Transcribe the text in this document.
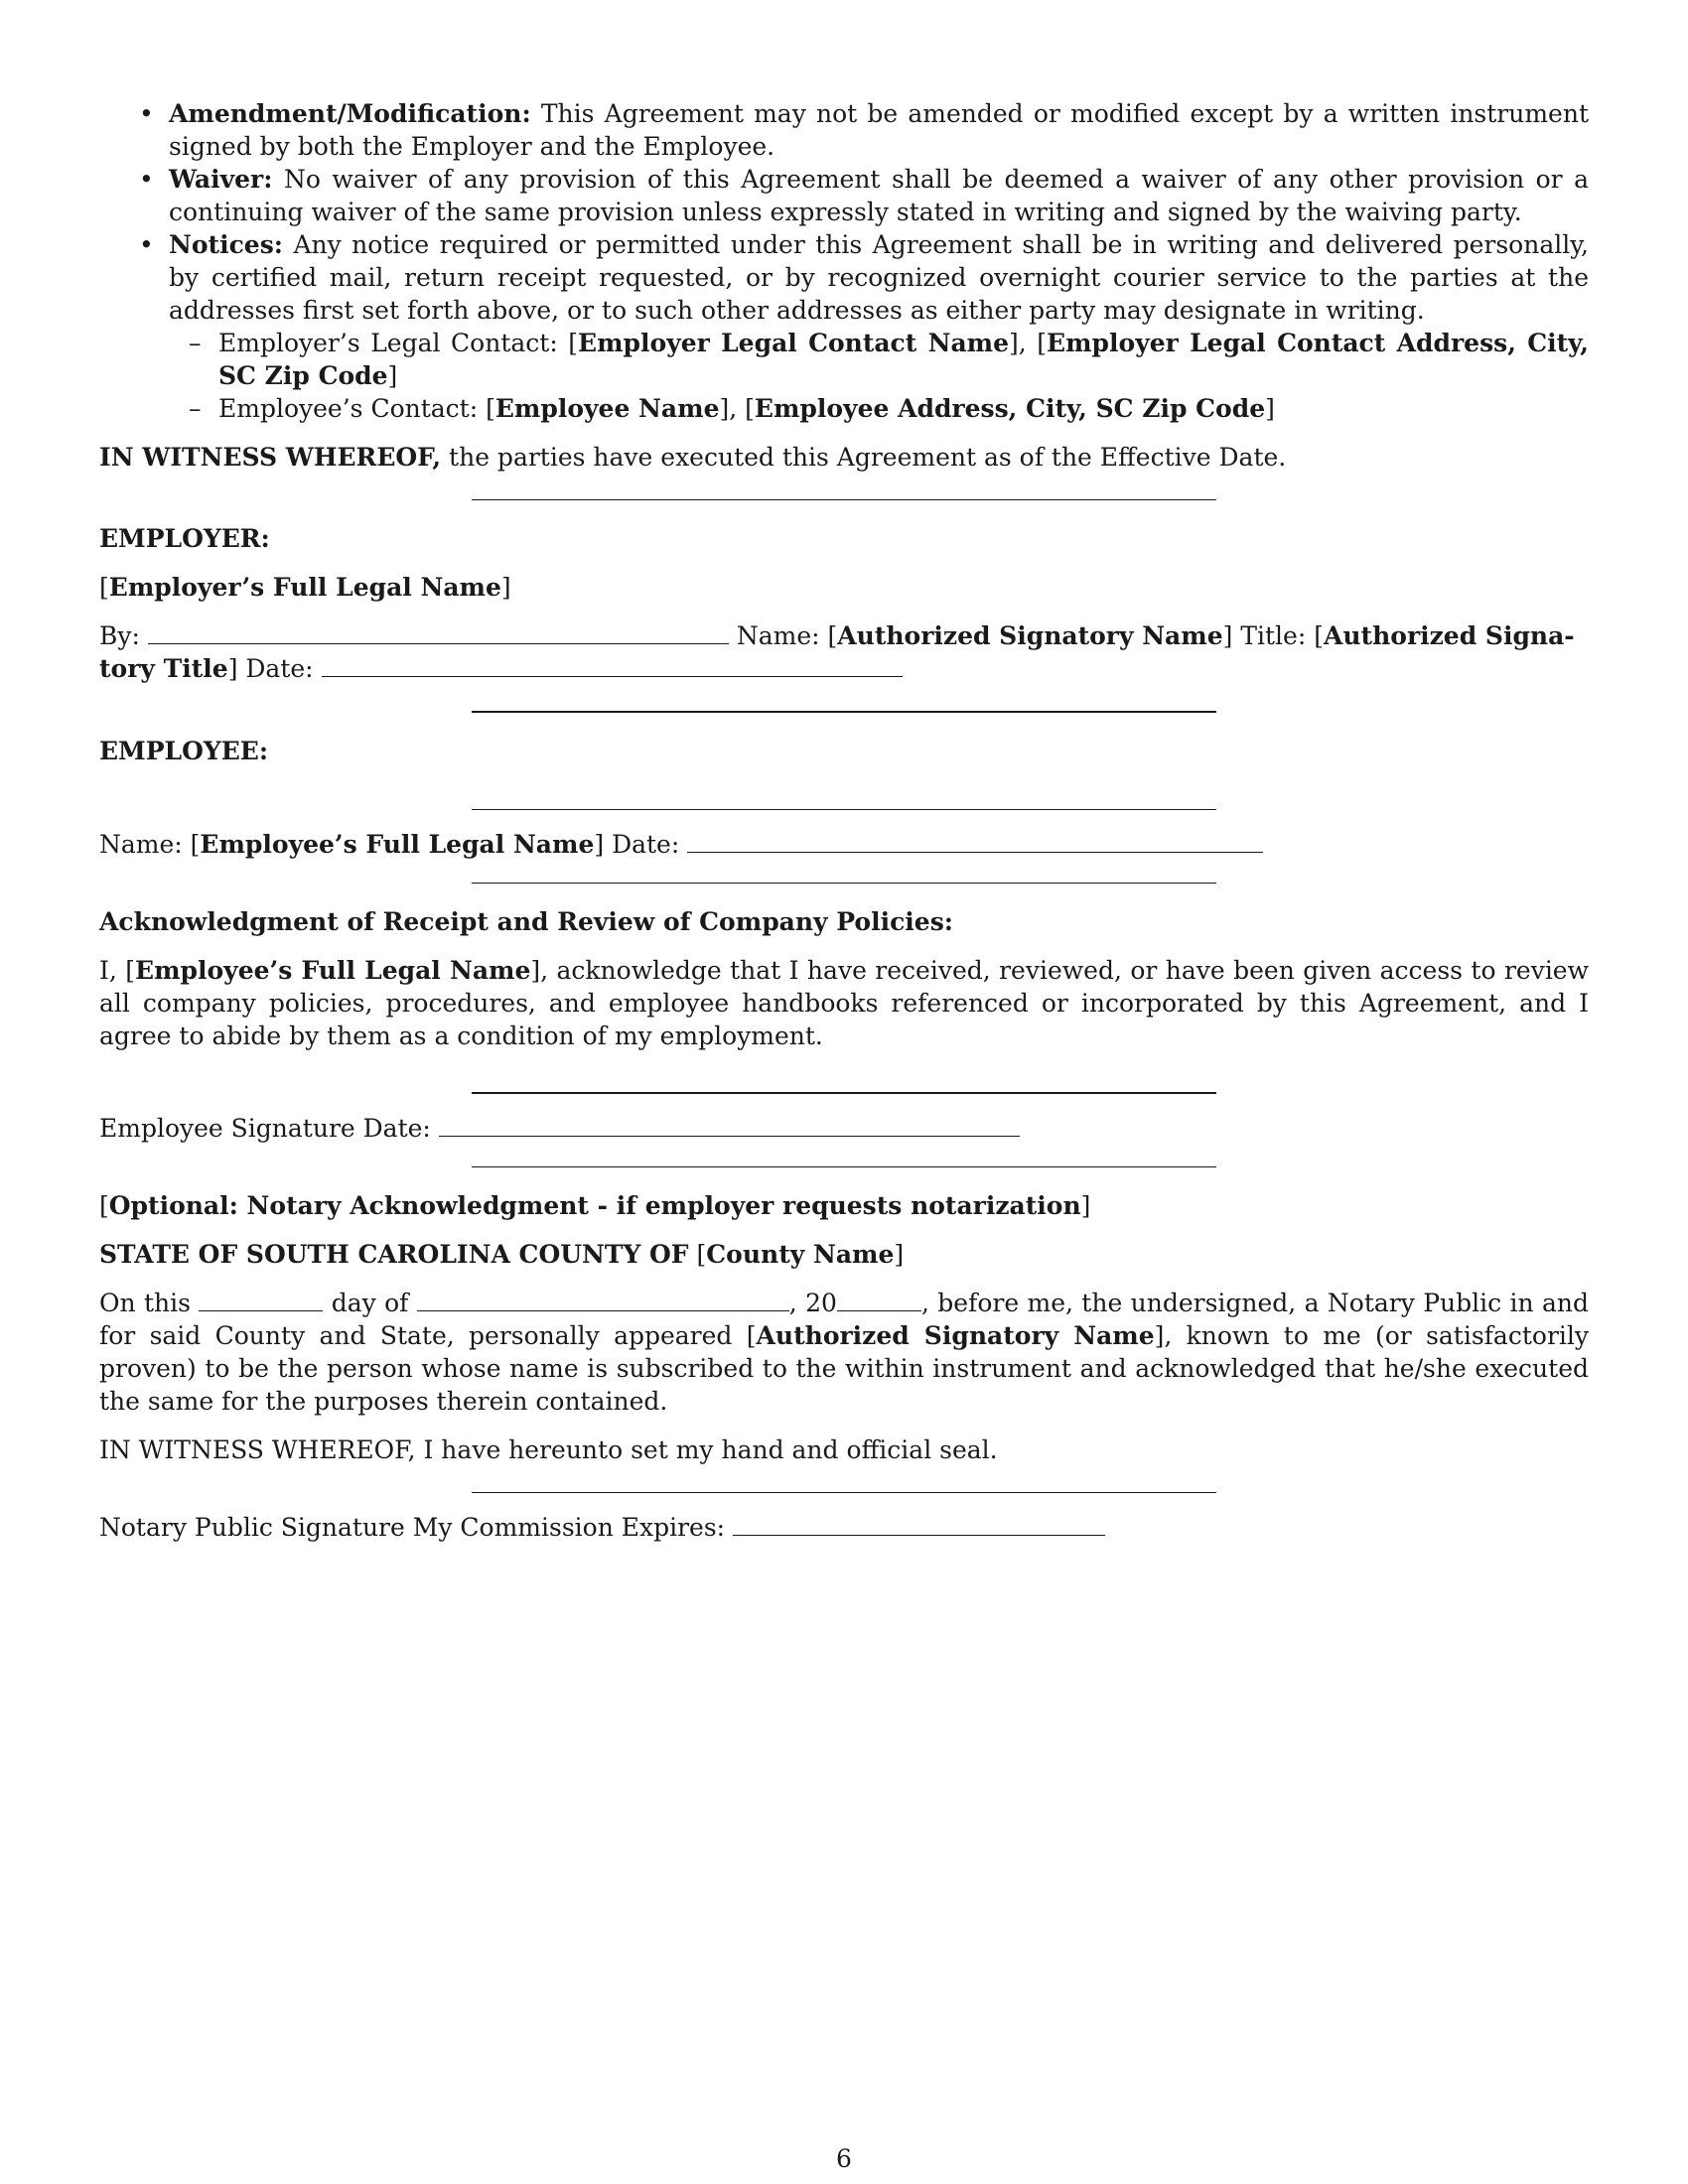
• Amendment/Modification: This Agreement may not be amended or modified except by a written instrument signed by both the Employer and the Employee.
• Waiver: No waiver of any provision of this Agreement shall be deemed a waiver of any other provision or a continuing waiver of the same provision unless expressly stated in writing and signed by the waiving party.
• Notices: Any notice required or permitted under this Agreement shall be in writing and delivered personally, by certified mail, return receipt requested, or by recognized overnight courier service to the parties at the addresses first set forth above, or to such other addresses as either party may designate in writing.
– Employer’s Legal Contact: [Employer Legal Contact Name], [Employer Legal Contact Address, City, SC Zip Code]
– Employee’s Contact: [Employee Name], [Employee Address, City, SC Zip Code]

IN WITNESS WHEREOF, the parties have executed this Agreement as of the Effective Date.

EMPLOYER:

[Employer’s Full Legal Name]

By:	Name: [Authorized Signatory Name] Title: [Authorized Signa-
tory Title] Date:

EMPLOYEE:

Name: [Employee’s Full Legal Name] Date:

Acknowledgment of Receipt and Review of Company Policies:

I, [Employee’s Full Legal Name], acknowledge that I have received, reviewed, or have been given access to review all company policies, procedures, and employee handbooks referenced or incorporated by this Agreement, and I agree to abide by them as a condition of my employment.

Employee Signature Date:

[Optional: Notary Acknowledgment - if employer requests notarization]

STATE OF SOUTH CAROLINA COUNTY OF [County Name]

On this	day of	, 20	, before me, the undersigned, a Notary Public in and for said County and State, personally appeared [Authorized Signatory Name], known to me (or satisfactorily proven) to be the person whose name is subscribed to the within instrument and acknowledged that he/she executed the same for the purposes therein contained.

IN WITNESS WHEREOF, I have hereunto set my hand and official seal.

Notary Public Signature My Commission Expires:

6
